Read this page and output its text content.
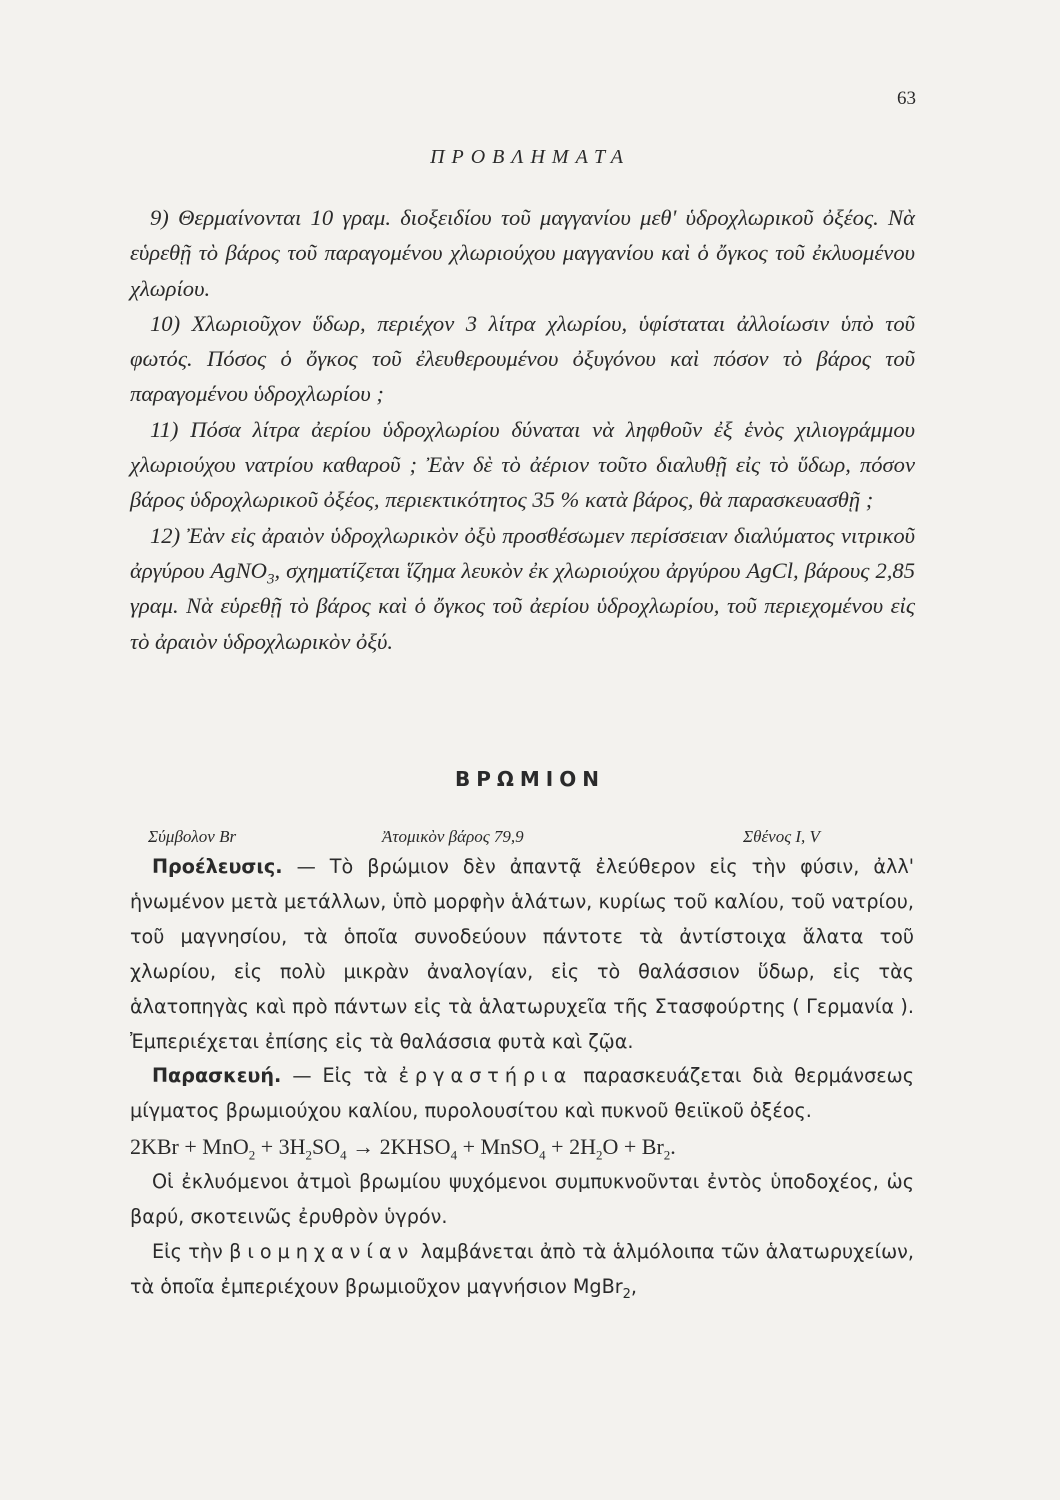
63
ΠΡΟΒΛΗΜΑΤΑ

9) Θερμαίνονται 10 γραμ. διοξειδίου τοῦ μαγγανίου μεθ' ὑδροχλωρικοῦ ὀξέος. Νὰ εὑρεθῇ τὸ βάρος τοῦ παραγομένου χλωριούχου μαγγανίου καὶ ὁ ὄγκος τοῦ ἐκλυομένου χλωρίου.

10) Χλωριοῦχον ὕδωρ, περιέχον 3 λίτρα χλωρίου, ὑφίσταται ἀλλοίωσιν ὑπὸ τοῦ φωτός. Πόσος ὁ ὄγκος τοῦ ἐλευθερουμένου ὀξυγόνου καὶ πόσον τὸ βάρος τοῦ παραγομένου ὑδροχλωρίου ;

11) Πόσα λίτρα ἀερίου ὑδροχλωρίου δύναται νὰ ληφθοῦν ἐξ ἑνὸς χιλιογράμμου χλωριούχου νατρίου καθαροῦ ; Ἐὰν δὲ τὸ ἀέριον τοῦτο διαλυθῇ εἰς τὸ ὕδωρ, πόσον βάρος ὑδροχλωρικοῦ ὀξέος, περιεκτικότητος 35 % κατὰ βάρος, θὰ παρασκευασθῇ ;

12) Ἐὰν εἰς ἀραιὸν ὑδροχλωρικὸν ὀξὺ προσθέσωμεν περίσσειαν διαλύματος νιτρικοῦ ἀργύρου AgNO$_3$, σχηματίζεται ἵζημα λευκὸν ἐκ χλωριούχου ἀργύρου AgCl, βάρους 2,85 γραμ. Νὰ εὑρεθῇ τὸ βάρος καὶ ὁ ὄγκος τοῦ ἀερίου ὑδροχλωρίου, τοῦ περιεχομένου εἰς τὸ ἀραιὸν ὑδροχλωρικὸν ὀξύ.

ΒΡΩΜΙΟΝ
Σύμβολον Br	Ἀτομικὸν βάρος 79,9	Σθένος I, V

Προέλευσις. — Τὸ βρώμιον δὲν ἀπαντᾷ ἐλεύθερον εἰς τὴν φύσιν, ἀλλ' ἡνωμένον μετὰ μετάλλων, ὑπὸ μορφὴν ἁλάτων, κυρίως τοῦ καλίου, τοῦ νατρίου, τοῦ μαγνησίου, τὰ ὁποῖα συνοδεύουν πάντοτε τὰ ἀντίστοιχα ἅλατα τοῦ χλωρίου, εἰς πολὺ μικρὰν ἀναλογίαν, εἰς τὸ θαλάσσιον ὕδωρ, εἰς τὰς ἁλατοπηγὰς καὶ πρὸ πάντων εἰς τὰ ἁλατωρυχεῖα τῆς Στασφούρτης ( Γερμανία ). Ἐμπεριέχεται ἐπίσης εἰς τὰ θαλάσσια φυτὰ καὶ ζῷα.

Παρασκευή. — Εἰς τὰ ἐργαστήρια παρασκευάζεται διὰ θερμάνσεως μίγματος βρωμιούχου καλίου, πυρολουσίτου καὶ πυκνοῦ θειϊκοῦ ὀξέος.

$2KBr + MnO_2 + 3H_2SO_4$ → $2KHSO_4$ + MnSO$_4$ + $2H_2O + Br_2$.

Οἱ ἐκλυόμενοι ἀτμοὶ βρωμίου ψυχόμενοι συμπυκνοῦνται ἐντὸς ὑποδοχέος, ὡς βαρύ, σκοτεινῶς ἐρυθρὸν ὑγρόν.

Εἰς τὴν βιομηχανίαν λαμβάνεται ἀπὸ τὰ ἁλμόλοιπα τῶν ἁλατωρυχείων, τὰ ὁποῖα ἐμπεριέχουν βρωμιοῦχον μαγνήσιον MgBr$_2$,
